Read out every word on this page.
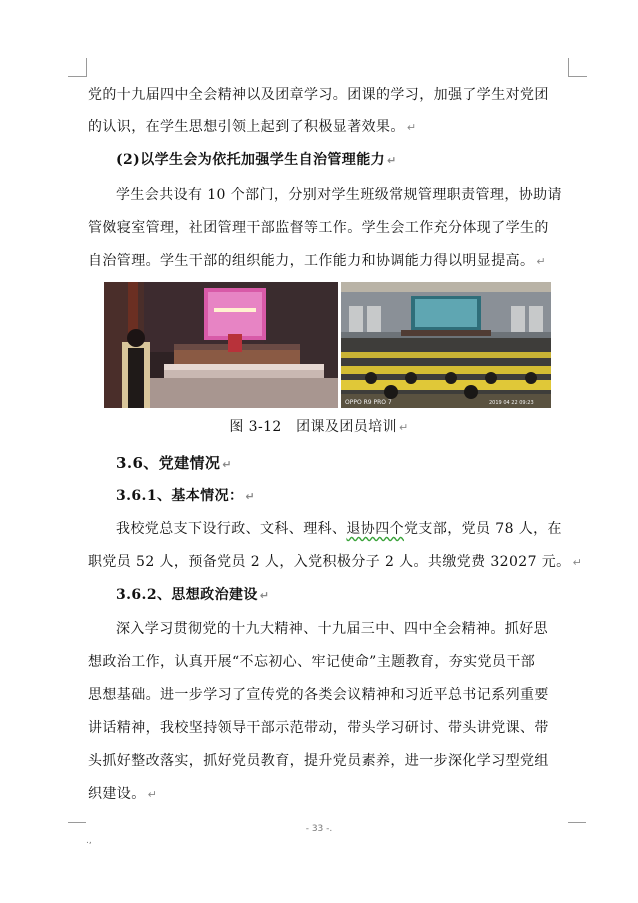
党的十九届四中全会精神以及团章学习。团课的学习，加强了学生对党团
的认识，在学生思想引领上起到了积极显著效果。 ↵
(2)以学生会为依托加强学生自治管理能力 ↵
学生会共设有 10 个部门，分别对学生班级常规管理职责管理，协助请
管傚寝室管理，社团管理干部监督等工作。学生会工作充分体现了学生的
自治管理。学生干部的组织能力，工作能力和协调能力得以明显提高。 ↵
OPPO R9 PRO 7	2019 04 22 09:23
图 3-12　团课及团员培训 ↵
3.6、党建情况 ↵
3.6.1、基本情况： ↵
我校党总支下设行政、文科、理科、退协四个党支部，党员 78 人，在
职党员 52 人，预备党员 2 人，入党积极分子 2 人。共缴党费 32027 元。 ↵
3.6.2、思想政治建设 ↵
深入学习贯彻党的十九大精神、十九届三中、四中全会精神。抓好思
想政治工作，认真开展“不忘初心、牢记使命”主题教育，夯实党员干部
思想基础。进一步学习了宣传党的各类会议精神和习近平总书记系列重要
讲话精神，我校坚持领导干部示范带动，带头学习研讨、带头讲党课、带
头抓好整改落实，抓好党员教育，提升党员素养，进一步深化学习型党组
织建设。 ↵
- 33 -.
.,
